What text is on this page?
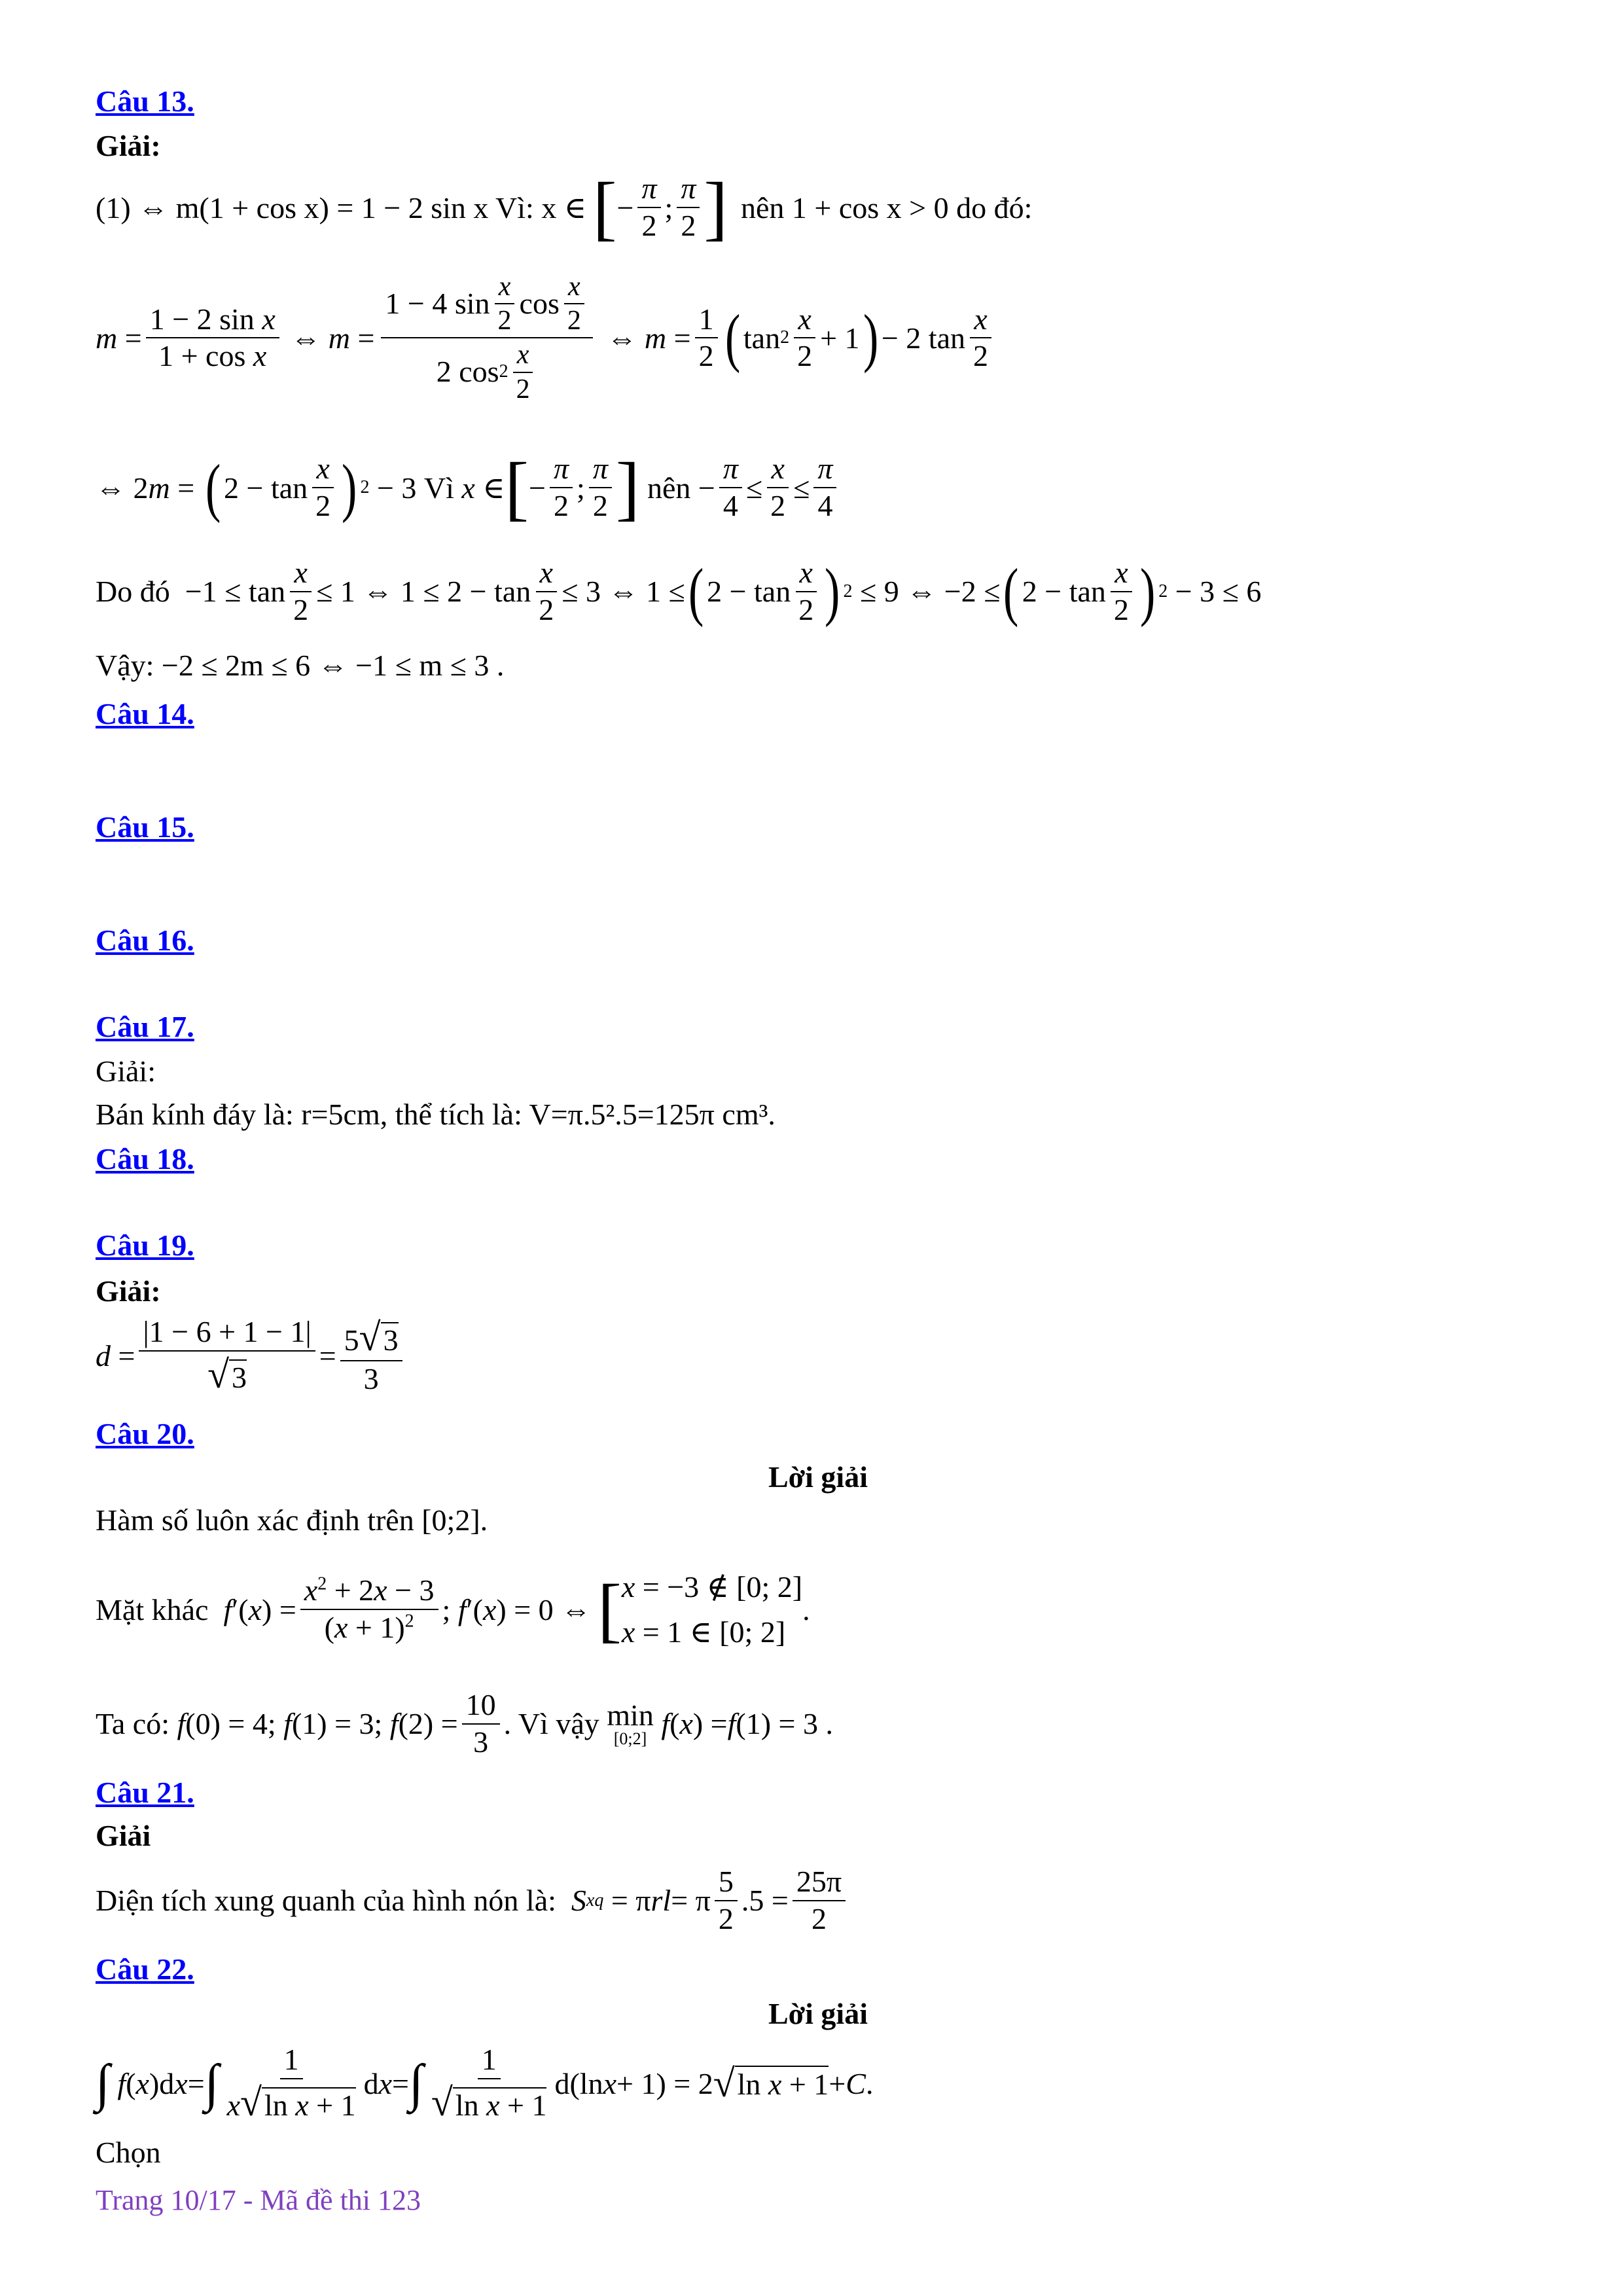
Câu 13.
Giải:
(1) ⇔ m(1 + cos x) = 1 − 2 sin x Vì: x ∈ [ − $\frac{\pi}{2}$ ; $\frac{\pi}{2}$ ] nên 1 + cos x > 0 do đó:
$m = \frac{\text{1 − 2 sin x}}{\text{1 + cos x}}$ ⇔ $m = \frac{1 - 4 \sin \frac{x}{2} \cos \frac{x}{2}}{2 \cos 2 \frac{x}{2}}$ ⇔ $m = \frac{1}{2}$ ( $\tan 2 \frac{x}{2} + 1$ ) − 2 $\tan \frac{x}{2}$
⇔ 2 m = ( $2 - \tan \frac{x}{2}$ ) 2 − 3 Vì
x ∈ [ − $\frac{\pi}{2}$ ; $\frac{\pi}{2}$ ]
nên − $\frac{\pi}{4} \le \frac{x}{2} \le \frac{\pi}{4}$
Do đó $-1 \le \tan \frac{x}{2} \le 1$ ⇔ $1 \le 2 - \tan \frac{x}{2} \le 3$ ⇔ 1 ≤ ( $2 - \tan \frac{x}{2}$ ) 2 ≤ 9 ⇔ −2 ≤ ( $2 - \tan \frac{x}{2}$ ) 2 − 3 ≤ 6
Vậy: −2 ≤ 2m ≤ 6 ⇔ −1 ≤ m ≤ 3 .
Câu 14.
Câu 15.
Câu 16.
Câu 17.
Giải:
Bán kính đáy là: r=5cm, thể tích là: V=π.5².5=125π cm³.
Câu 18.
Câu 19.
Giải:
$d = \frac{|1 - 6 + 1 - 1|}{√3} = \frac{5√3}{3}$
Câu 20.
Lời giải
Hàm số luôn xác định trên
[0;2] .
Mặt khác
f ′( x ) = $\frac{x^2 + 2x - 3}{(x + 1)^2}$ ; f ′( x ) = 0 ⇔ [ x = −3 ∉ [0; 2]
x = 1 ∈ [0; 2]
.
Ta có:
f (0) = 4; f (1) = 3; f $(2) = \frac{10}{3}$ . Vì vậy
min
[0;2]
f ( x ) = f (1) = 3 .
Câu 21.
Giải
Diện tích xung quanh của hình nón là:
S xq = π rl = π $\frac{5}{2} .5 = \frac{25\pi}{2}$
Câu 22.
Lời giải
∫
f ( x )d x = ∫ $\frac{1}{\text{x√ln x + 1}}$ d x = ∫ $\frac{1}{\text{√ln x + 1}} d(\ln$ x + 1) = 2 √ ln x + 1 + C .
Chọn
Trang 10/17 - Mã đề thi 123
